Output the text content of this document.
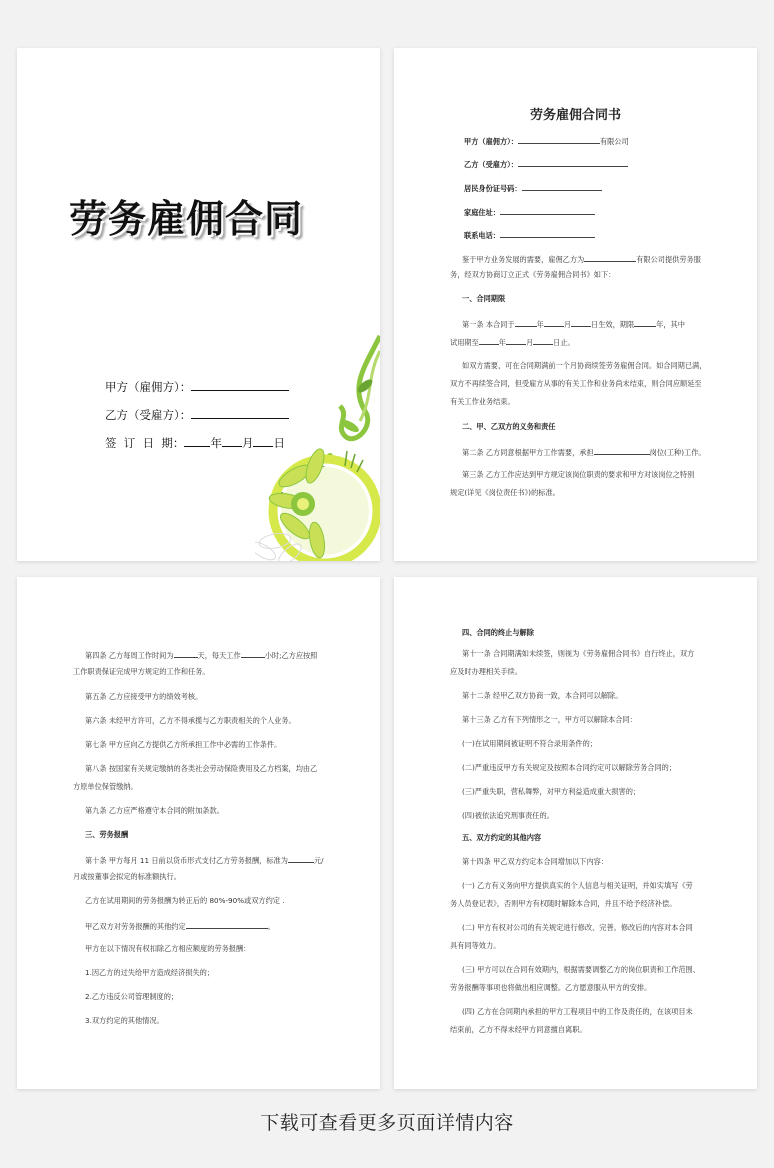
劳务雇佣合同
甲方（雇佣方）：
乙方（受雇方）：
签  订  日  期： 年 月 日
劳务雇佣合同书
甲方（雇佣方）：	有限公司
乙方（受雇方）：
居民身份证号码：
家庭住址：
联系电话：
鉴于甲方业务发展的需要，雇佣乙方为	有限公司提供劳务服
务，经双方协商订立正式《劳务雇佣合同书》如下：
一、合同期限
第一条 本合同于	年	月	日生效，期限	年，其中
试用期至	年	月	日止。
如双方需要，可在合同期满前一个月协商续签劳务雇佣合同。如合同期已满，
双方不再续签合同，但受雇方从事的有关工作和业务尚未结束，则合同应顺延至
有关工作业务结束。
二、甲、乙双方的义务和责任
第二条 乙方同意根据甲方工作需要，承担	岗位(工种)工作。
第三条 乙方工作应达到甲方规定该岗位职责的要求和甲方对该岗位之特别
规定(详见《岗位责任书》)的标准。
第四条 乙方每周工作时间为	天，每天工作	小时;乙方应按照
工作职责保证完成甲方规定的工作和任务。
第五条 乙方应接受甲方的绩效考核。
第六条 未经甲方许可，乙方不得承揽与乙方职责相关的个人业务。
第七条 甲方应向乙方提供乙方所承担工作中必需的工作条件。
第八条 按国家有关规定缴纳的各类社会劳动保险费用及乙方档案，均由乙
方原单位保管缴纳。
第九条 乙方应严格遵守本合同的附加条款。
三、劳务报酬
第十条 甲方每月 11 日前以货币形式支付乙方劳务报酬，标准为	元/
月或按董事会拟定的标准额执行。
乙方在试用期间的劳务报酬为转正后的 80%-90%或双方约定 .
甲乙双方对劳务报酬的其他约定	。
甲方在以下情况有权扣除乙方相应额度的劳务报酬：
1.因乙方的过失给甲方造成经济损失的；
2.乙方违反公司管理制度的；
3.双方约定的其他情况。
四、合同的终止与解除
第十一条 合同期满如未续签，则视为《劳务雇佣合同书》自行终止，双方
应及时办理相关手续。
第十二条 经甲乙双方协商一致，本合同可以解除。
第十三条 乙方有下列情形之一，甲方可以解除本合同：
(一)在试用期间被证明不符合录用条件的；
(二)严重违反甲方有关规定及按照本合同约定可以解除劳务合同的；
(三)严重失职，营私舞弊，对甲方利益造成重大损害的；
(四)被依法追究刑事责任的。
五、双方约定的其他内容
第十四条 甲乙双方约定本合同增加以下内容：
(一) 乙方有义务向甲方提供真实的个人信息与相关证明，并如实填写《劳
务人员登记表》，否则甲方有权随时解除本合同，并且不给予经济补偿。
(二) 甲方有权对公司的有关规定进行修改、完善。修改后的内容对本合同
具有同等效力。
(三) 甲方可以在合同有效期内，根据需要调整乙方的岗位职责和工作范围、
劳务报酬等事项也将做出相应调整。乙方愿意服从甲方的安排。
(四) 乙方在合同期内承担的甲方工程项目中的工作及责任的，在该项目未
结束前，乙方不得未经甲方同意擅自离职。
下载可查看更多页面详情内容
